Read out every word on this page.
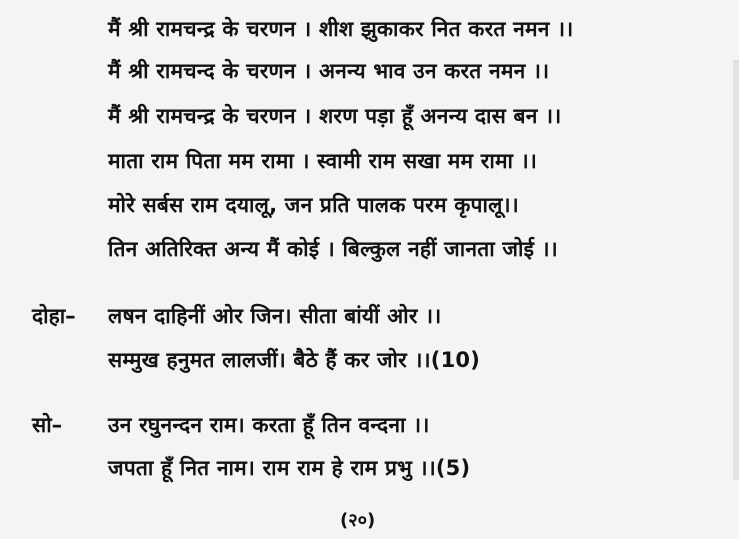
मैं श्री रामचन्द्र के चरणन । शीश झुकाकर नित करत नमन ।।
मैं श्री रामचन्द के चरणन । अनन्य भाव उन करत नमन ।।
मैं श्री रामचन्द्र के चरणन । शरण पड़ा हूँ अनन्य दास बन ।।
माता राम पिता मम रामा । स्वामी राम सखा मम रामा ।।
मोरे सर्बस राम दयालू, जन प्रति पालक परम कृपालू।।
तिन अतिरिक्त अन्य मैं कोई । बिल्कुल नहीं जानता जोई ।।
दोहा– लषन दाहिनीं ओर जिन। सीता बांयीं ओर ।।
सम्मुख हनुमत लालजीं। बैठे हैं कर जोर ।।(10)
सो– उन रघुनन्दन राम। करता हूँ तिन वन्दना ।।
जपता हूँ नित नाम। राम राम हे राम प्रभु ।।(5)
(२०)
